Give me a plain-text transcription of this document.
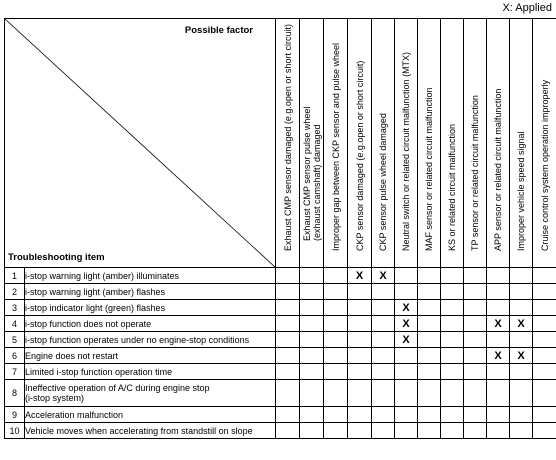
X: Applied
Possible factor
Troubleshooting item		Exhaust CMP sensor damaged (e.g.open or short circuit)	Exhaust CMP sensor pulse wheel
(exhaust camshaft) damaged	Improper gap between CKP sensor and pulse wheel	CKP sensor damaged (e.g.open or short circuit)	CKP sensor pulse wheel damaged	Neutral switch or related circuit malfunction (MTX)	MAF sensor or related circuit malfunction	KS or related circuit malfunction	TP sensor or related circuit malfunction	APP sensor or related circuit malfunction	Improper vehicle speed signal	Cruise control system operation improperly

1	i-stop warning light (amber) illuminates				X	X							
2	i-stop warning light (amber) flashes												
3	i-stop indicator light (green) flashes						X						
4	i-stop function does not operate						X				X	X	
5	i-stop function operates under no engine-stop conditions						X						
6	Engine does not restart										X	X	
7	Limited i-stop function operation time												
8	Ineffective operation of A/C during engine stop
(i-stop system)												
9	Acceleration malfunction												
10	Vehicle moves when accelerating from standstill on slope												
